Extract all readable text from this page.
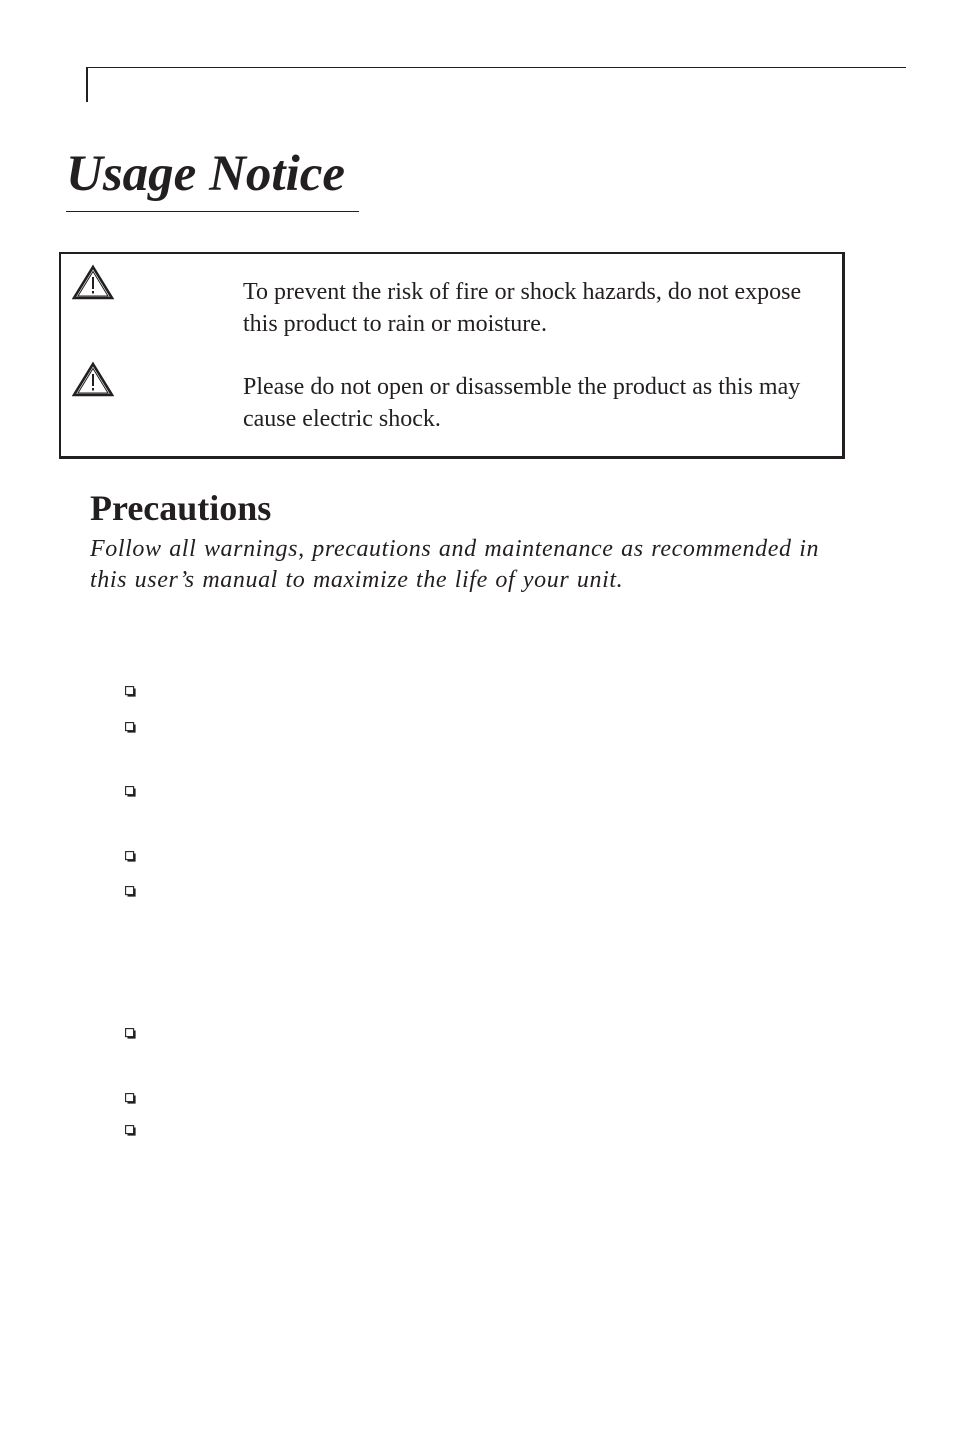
Usage Notice

To prevent the risk of fire or shock hazards, do not expose this product to rain or moisture.

Please do not open or disassemble the product as this may cause electric shock.

Precautions

Follow all warnings, precautions and maintenance as recommended in this user’s manual to maximize the life of your unit.
